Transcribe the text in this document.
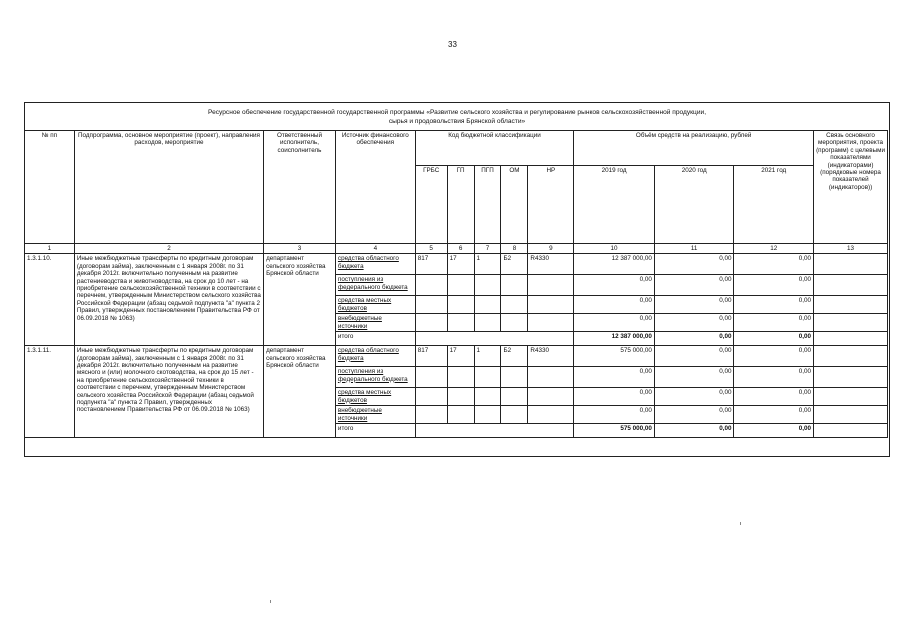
33
Ресурсное обеспечение государственной государственной программы «Развитие сельского хозяйства и регулирование рынков сельскохозяйственной продукции,
сырья и продовольствия Брянской области»
№ пп	Подпрограмма, основное мероприятие (проект), направления расходов, мероприятие	Ответственный исполнитель, соисполнитель	Источник финансового обеспечения	Код бюджетной классификации					Объём средств на реализацию, рублей			Связь основного мероприятия, проекта (программ) с целевыми показателями (индикаторами) (порядковые номера показателей (индикаторов))
				ГРБС	ГП	ПГП	ОМ	НР	2019 год	2020 год	2021 год	
1	2	3	4	5	6	7	8	9	10	11	12	13
1.3.1.10.	Иные межбюджетные трансферты по кредитным договорам (договорам займа), заключенным с 1 января 2008г. по 31 декабря 2012г. включительно полученным на развитие растениеводства и животноводства, на срок до 10 лет - на приобретение сельскохозяйственной техники в соответствии с перечнем, утвержденным Министерством сельского хозяйства Российской Федерации (абзац седьмой подпункта "а" пункта 2 Правил, утвержденных постановлением Правительства РФ от 06.09.2018 № 1063)	департамент сельского хозяйства Брянской области	средства областного бюджета	817	17	1	Б2	R4330	12 387 000,00	0,00	0,00	
			поступления из федерального бюджета						0,00	0,00	0,00	
			средства местных бюджетов						0,00	0,00	0,00	
			внебюджетные источники						0,00	0,00	0,00	
			итого						12 387 000,00	0,00	0,00	
1.3.1.11.	Иные межбюджетные трансферты по кредитным договорам (договорам займа), заключенным с 1 января 2008г. по 31 декабря 2012г. включительно полученным на развитие мясного и (или) молочного скотоводства, на срок до 15 лет - на приобретение сельскохозяйственной техники в соответствии с перечнем, утвержденным Министерством сельского хозяйства Российской Федерации (абзац седьмой подпункта "а" пункта 2 Правил, утвержденных постановлением Правительства РФ от 06.09.2018 № 1063)	департамент сельского хозяйства Брянской области	средства областного бюджета	817	17	1	Б2	R4330	575 000,00	0,00	0,00	
			поступления из федерального бюджета						0,00	0,00	0,00	
			средства местных бюджетов						0,00	0,00	0,00	
			внебюджетные источники						0,00	0,00	0,00	
			итого						575 000,00	0,00	0,00	
